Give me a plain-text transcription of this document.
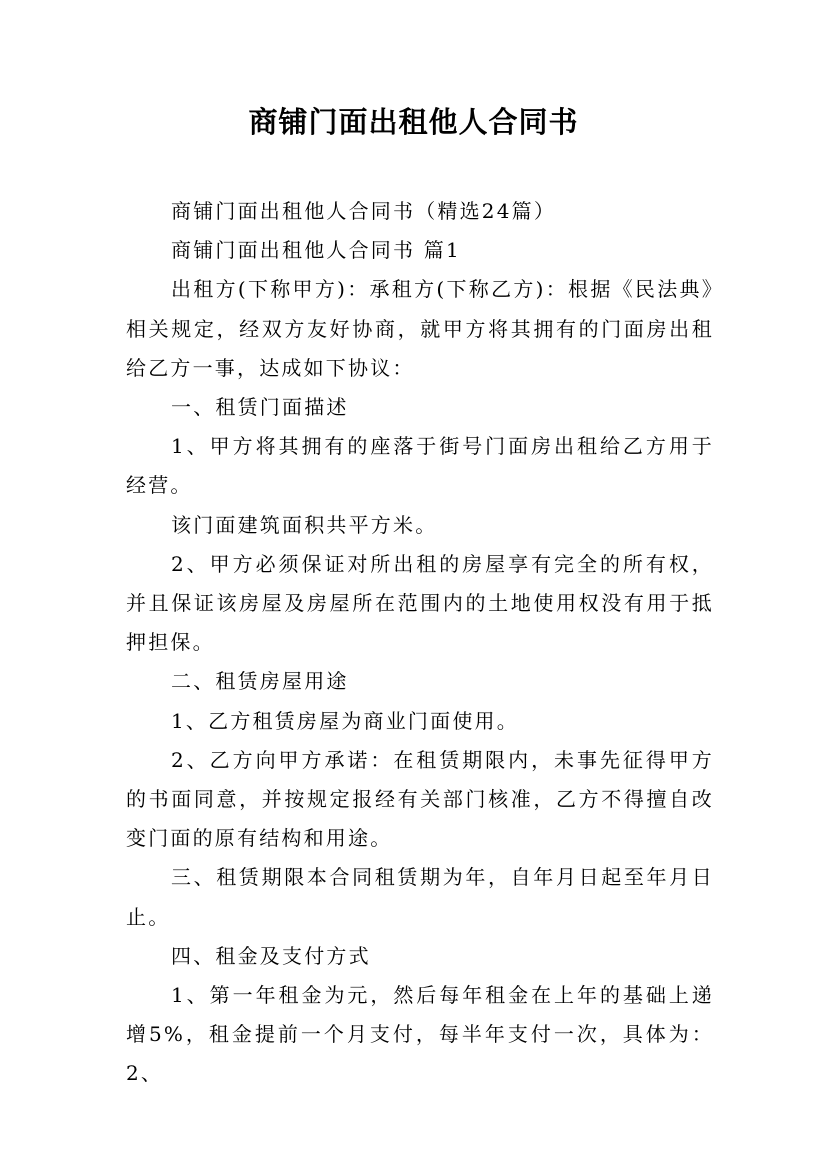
商铺门面出租他人合同书

商铺门面出租他人合同书（精选24篇）

商铺门面出租他人合同书 篇1

出租方(下称甲方)：承租方(下称乙方)：根据《民法典》相关规定，经双方友好协商，就甲方将其拥有的门面房出租给乙方一事，达成如下协议：

一、租赁门面描述

1、甲方将其拥有的座落于街号门面房出租给乙方用于经营。

该门面建筑面积共平方米。

2、甲方必须保证对所出租的房屋享有完全的所有权，并且保证该房屋及房屋所在范围内的土地使用权没有用于抵押担保。

二、租赁房屋用途

1、乙方租赁房屋为商业门面使用。

2、乙方向甲方承诺：在租赁期限内，未事先征得甲方的书面同意，并按规定报经有关部门核准，乙方不得擅自改变门面的原有结构和用途。

三、租赁期限本合同租赁期为年，自年月日起至年月日止。

四、租金及支付方式

1、第一年租金为元，然后每年租金在上年的基础上递增5%，租金提前一个月支付，每半年支付一次，具体为：2、
